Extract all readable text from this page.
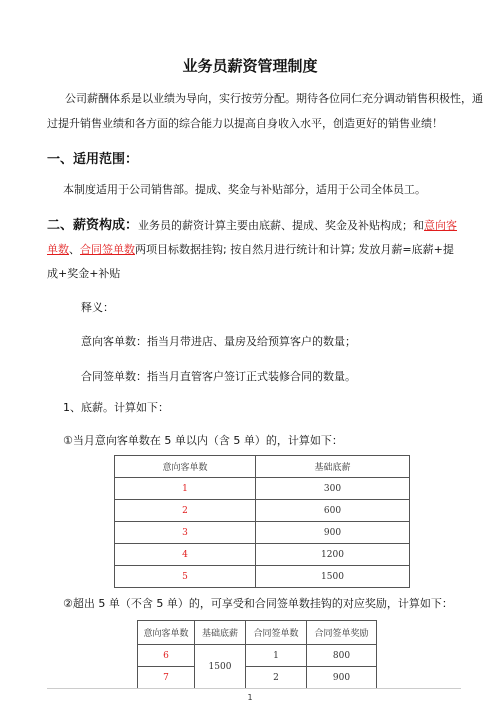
业务员薪资管理制度
公司薪酬体系是以业绩为导向，实行按劳分配。期待各位同仁充分调动销售积极性，通
过提升销售业绩和各方面的综合能力以提高自身收入水平，创造更好的销售业绩！
一、适用范围：
本制度适用于公司销售部。提成、奖金与补贴部分，适用于公司全体员工。
二、薪资构成：业务员的薪资计算主要由底薪、提成、奖金及补贴构成；和意向客单数、合同签单数两项目标数据挂钩; 按自然月进行统计和计算; 发放月薪=底薪+提成+奖金+补贴
释义：
意向客单数：指当月带进店、量房及给预算客户的数量；
合同签单数：指当月直管客户签订正式装修合同的数量。
1、底薪。计算如下：
①当月意向客单数在 5 单以内（含 5 单）的，计算如下：
意向客单数	基础底薪
1	300
2	600
3	900
4	1200
5	1500
②超出 5 单（不含 5 单）的，可享受和合同签单数挂钩的对应奖励，计算如下：
意向客单数	基础底薪	合同签单数	合同签单奖励
6	1500	1	800
7		2	900
1
